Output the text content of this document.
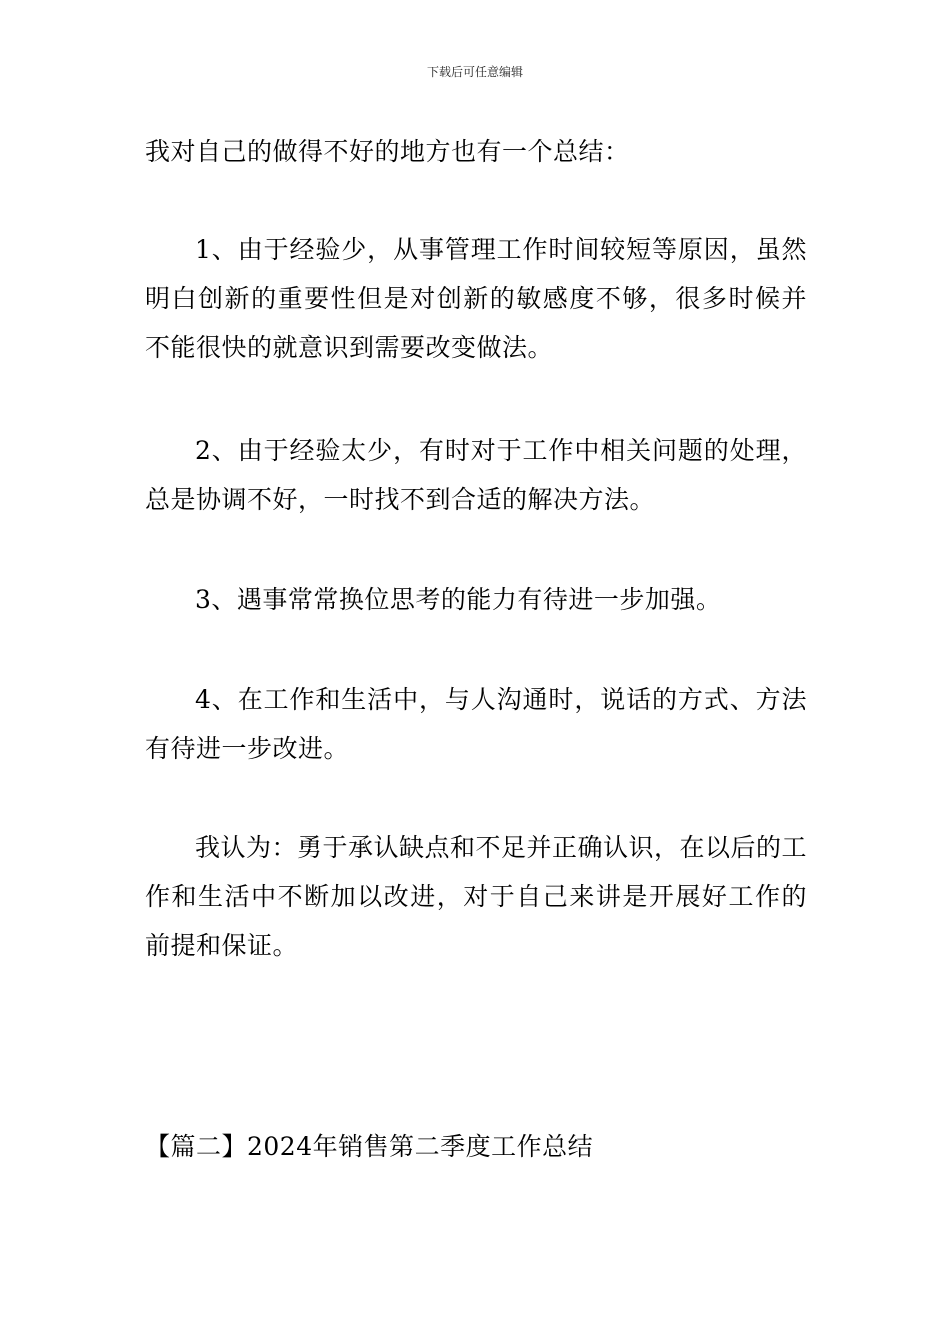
下载后可任意编辑

我对自己的做得不好的地方也有一个总结：

1、由于经验少，从事管理工作时间较短等原因，虽然明白创新的重要性但是对创新的敏感度不够，很多时候并不能很快的就意识到需要改变做法。

2、由于经验太少，有时对于工作中相关问题的处理，总是协调不好，一时找不到合适的解决方法。

3、遇事常常换位思考的能力有待进一步加强。

4、在工作和生活中，与人沟通时，说话的方式、方法有待进一步改进。

我认为：勇于承认缺点和不足并正确认识，在以后的工作和生活中不断加以改进，对于自己来讲是开展好工作的前提和保证。

【篇二】2024年销售第二季度工作总结
